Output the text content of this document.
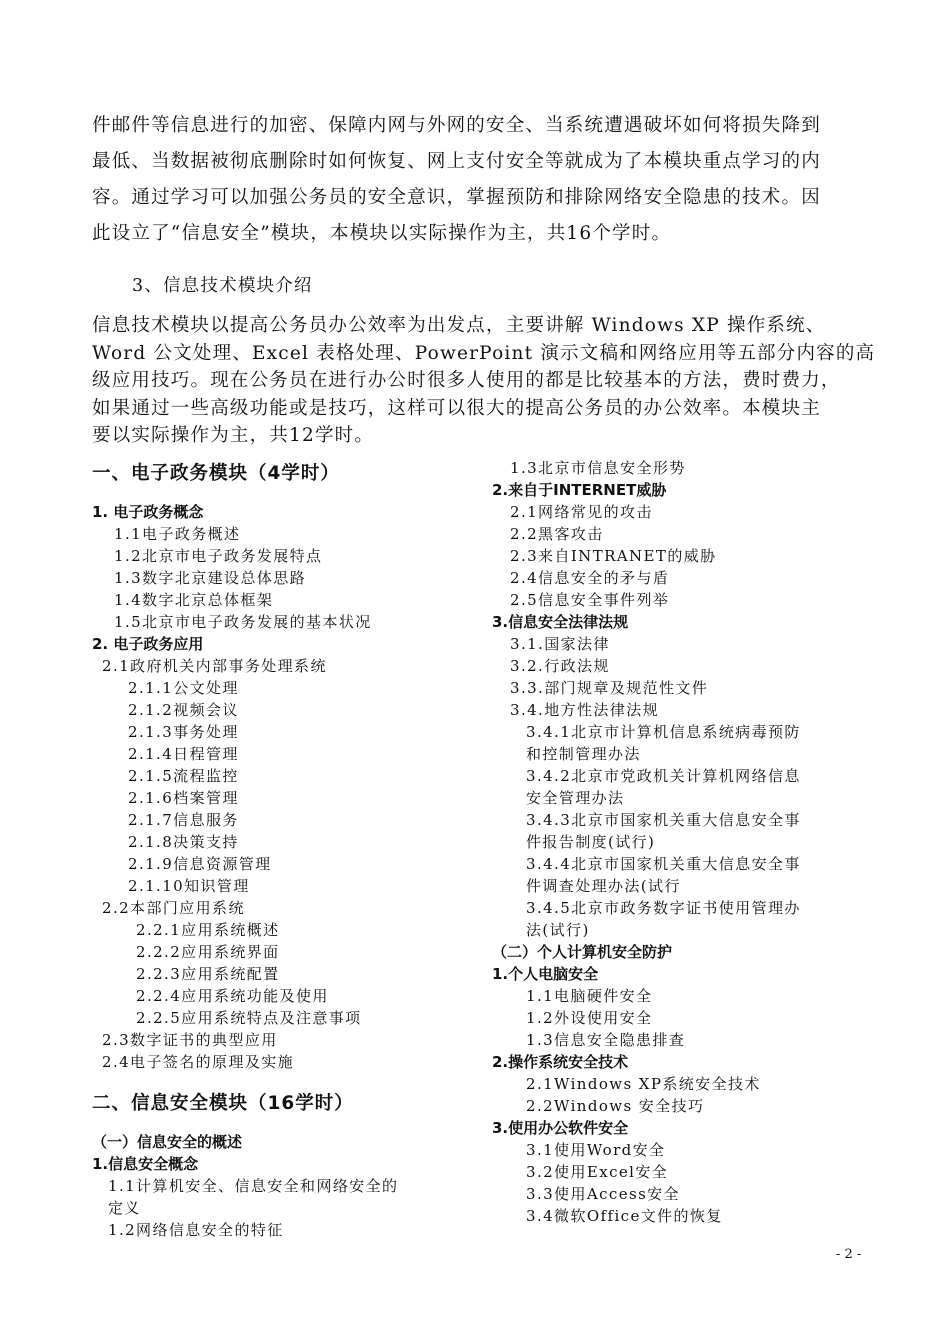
件邮件等信息进行的加密、保障内网与外网的安全、当系统遭遇破坏如何将损失降到
最低、当数据被彻底删除时如何恢复、网上支付安全等就成为了本模块重点学习的内
容。通过学习可以加强公务员的安全意识，掌握预防和排除网络安全隐患的技术。因
此设立了“信息安全”模块，本模块以实际操作为主，共16个学时。
3、信息技术模块介绍
信息技术模块以提高公务员办公效率为出发点，主要讲解 Windows XP 操作系统、
Word 公文处理、Excel 表格处理、PowerPoint 演示文稿和网络应用等五部分内容的高
级应用技巧。现在公务员在进行办公时很多人使用的都是比较基本的方法，费时费力，
如果通过一些高级功能或是技巧，这样可以很大的提高公务员的办公效率。本模块主
要以实际操作为主，共12学时。
一、电子政务模块（4学时）
1. 电子政务概念
1.1电子政务概述
1.2北京市电子政务发展特点
1.3数字北京建设总体思路
1.4数字北京总体框架
1.5北京市电子政务发展的基本状况
2. 电子政务应用
2.1政府机关内部事务处理系统
2.1.1公文处理
2.1.2视频会议
2.1.3事务处理
2.1.4日程管理
2.1.5流程监控
2.1.6档案管理
2.1.7信息服务
2.1.8决策支持
2.1.9信息资源管理
2.1.10知识管理
2.2本部门应用系统
2.2.1应用系统概述
2.2.2应用系统界面
2.2.3应用系统配置
2.2.4应用系统功能及使用
2.2.5应用系统特点及注意事项
2.3数字证书的典型应用
2.4电子签名的原理及实施
二、信息安全模块（16学时）
（一）信息安全的概述
1.信息安全概念
1.1计算机安全、信息安全和网络安全的
定义
1.2网络信息安全的特征
1.3北京市信息安全形势
2.来自于INTERNET威胁
2.1网络常见的攻击
2.2黑客攻击
2.3来自INTRANET的威胁
2.4信息安全的矛与盾
2.5信息安全事件列举
3.信息安全法律法规
3.1.国家法律
3.2.行政法规
3.3.部门规章及规范性文件
3.4.地方性法律法规
3.4.1北京市计算机信息系统病毒预防
和控制管理办法
3.4.2北京市党政机关计算机网络信息
安全管理办法
3.4.3北京市国家机关重大信息安全事
件报告制度(试行)
3.4.4北京市国家机关重大信息安全事
件调查处理办法(试行
3.4.5北京市政务数字证书使用管理办
法(试行)
（二）个人计算机安全防护
1.个人电脑安全
1.1电脑硬件安全
1.2外设使用安全
1.3信息安全隐患排查
2.操作系统安全技术
2.1Windows XP系统安全技术
2.2Windows 安全技巧
3.使用办公软件安全
3.1使用Word安全
3.2使用Excel安全
3.3使用Access安全
3.4微软Office文件的恢复
- 2 -
